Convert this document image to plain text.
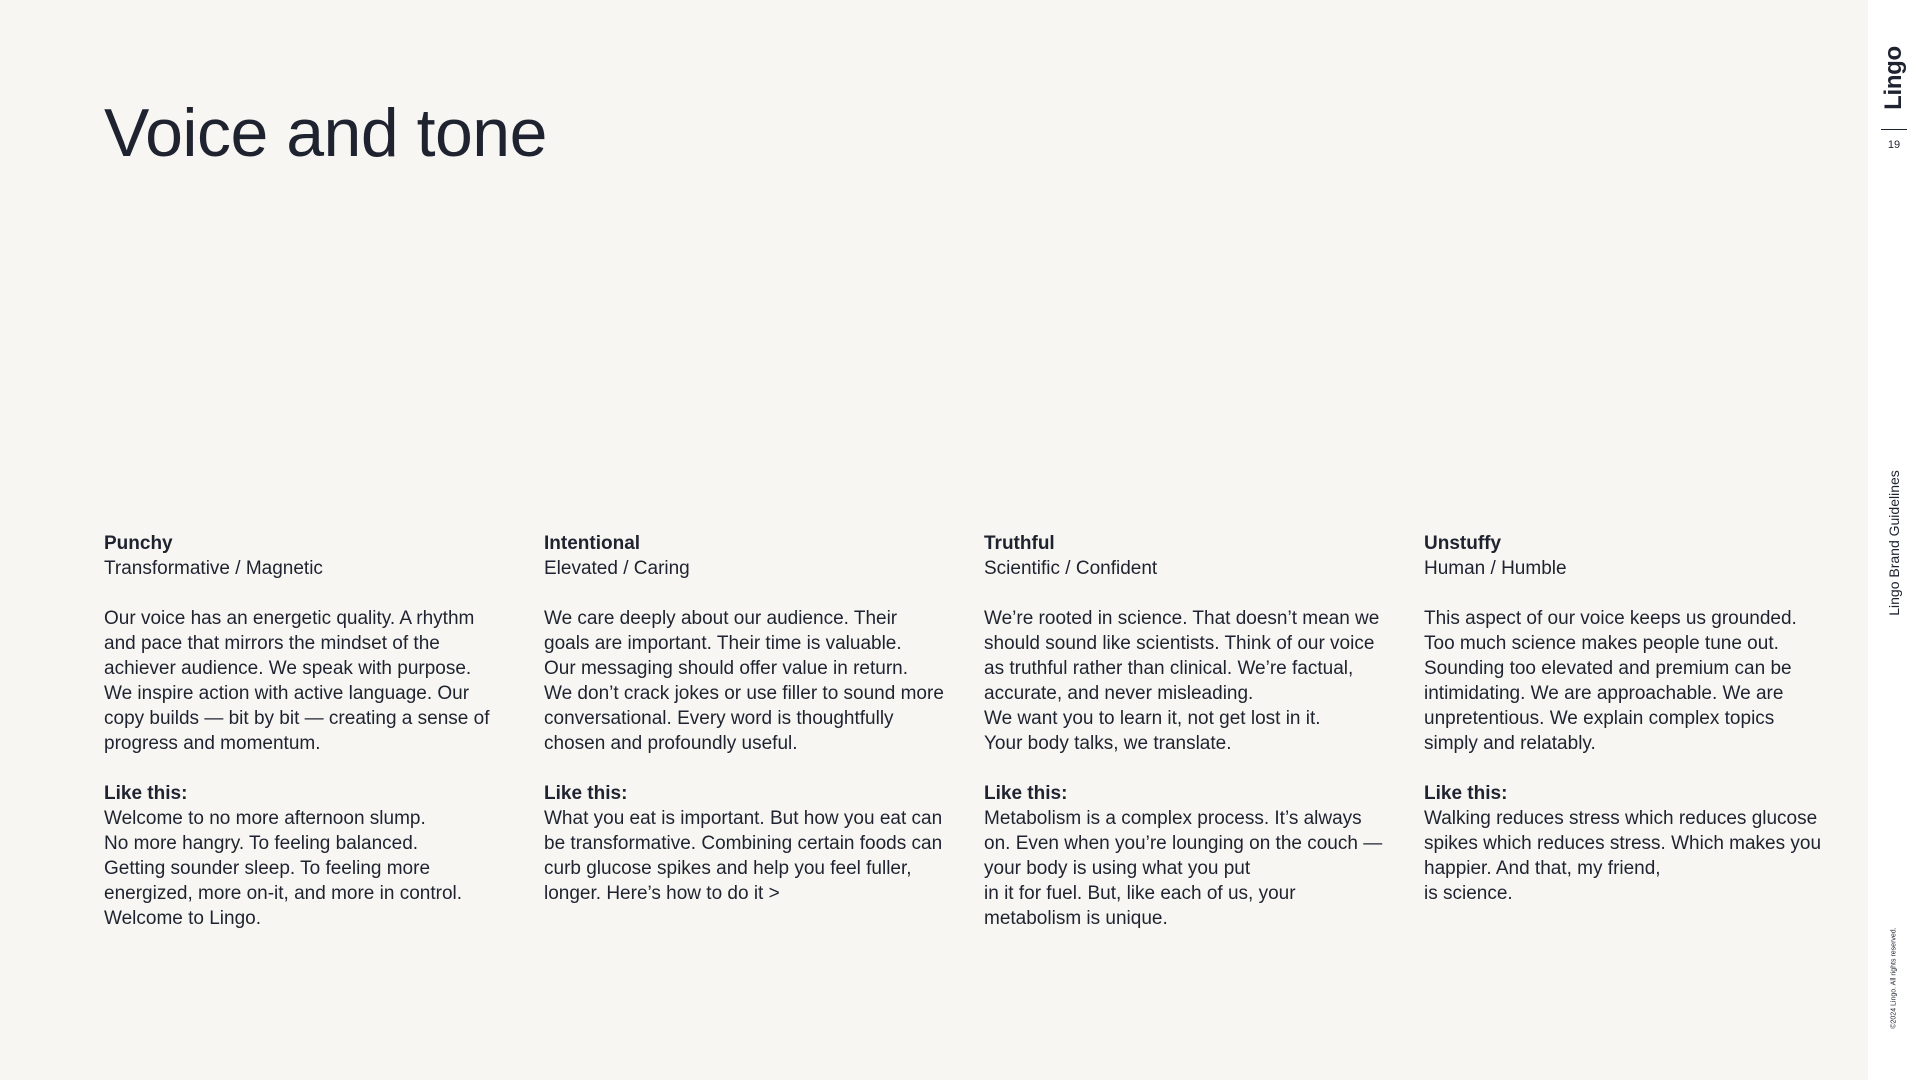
Voice and tone
Punchy
Transformative / Magnetic
Our voice has an energetic quality. A rhythm and pace that mirrors the mindset of the achiever audience. We speak with purpose. We inspire action with active language. Our copy builds — bit by bit — creating a sense of progress and momentum.
Like this:
Welcome to no more afternoon slump.
No more hangry. To feeling balanced.
Getting sounder sleep. To feeling more energized, more on-it, and more in control.
Welcome to Lingo.
Intentional
Elevated / Caring
We care deeply about our audience. Their goals are important. Their time is valuable.
Our messaging should offer value in return.
We don’t crack jokes or use filler to sound more conversational. Every word is thoughtfully chosen and profoundly useful.
Like this:
What you eat is important. But how you eat can be transformative. Combining certain foods can curb glucose spikes and help you feel fuller, longer. Here’s how to do it >
Truthful
Scientific / Confident
We’re rooted in science. That doesn’t mean we should sound like scientists. Think of our voice as truthful rather than clinical. We’re factual, accurate, and never misleading.
We want you to learn it, not get lost in it.
Your body talks, we translate.
Like this:
Metabolism is a complex process. It’s always on. Even when you’re lounging on the couch — your body is using what you put
in it for fuel. But, like each of us, your metabolism is unique.
Unstuffy
Human / Humble
This aspect of our voice keeps us grounded.
Too much science makes people tune out.
Sounding too elevated and premium can be intimidating. We are approachable. We are unpretentious. We explain complex topics simply and relatably.
Like this:
Walking reduces stress which reduces glucose spikes which reduces stress. Which makes you happier. And that, my friend,
is science.
Lingo
19
Lingo Brand Guidelines
©2024 Lingo. All rights reserved.
